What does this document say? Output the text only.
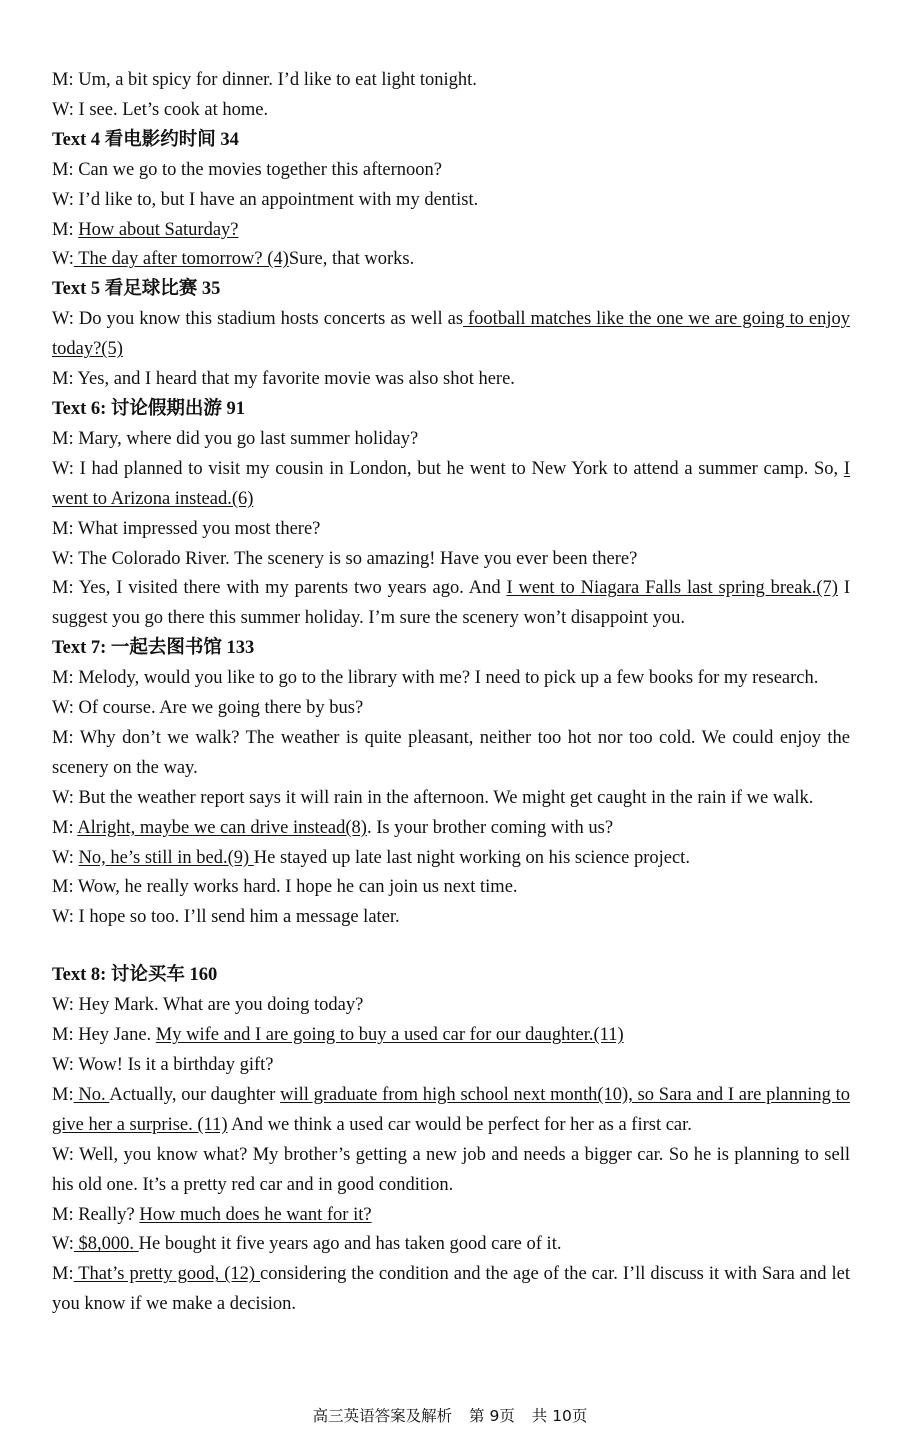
M: Um, a bit spicy for dinner. I’d like to eat light tonight.

W: I see. Let’s cook at home.

Text 4 看电影约时间 34

M: Can we go to the movies together this afternoon?

W: I’d like to, but I have an appointment with my dentist.

M: How about Saturday?

W: The day after tomorrow? (4)Sure, that works.

Text 5 看足球比赛 35

W: Do you know this stadium hosts concerts as well as football matches like the one we are going to enjoy today?(5)

M: Yes, and I heard that my favorite movie was also shot here.

Text 6: 讨论假期出游 91

M: Mary, where did you go last summer holiday?

W: I had planned to visit my cousin in London, but he went to New York to attend a summer camp. So, I went to Arizona instead.(6)

M: What impressed you most there?

W: The Colorado River. The scenery is so amazing! Have you ever been there?

M: Yes, I visited there with my parents two years ago. And I went to Niagara Falls last spring break.(7) I suggest you go there this summer holiday. I’m sure the scenery won’t disappoint you.

Text 7: 一起去图书馆 133

M: Melody, would you like to go to the library with me? I need to pick up a few books for my research.

W: Of course. Are we going there by bus?

M: Why don’t we walk? The weather is quite pleasant, neither too hot nor too cold. We could enjoy the scenery on the way.

W: But the weather report says it will rain in the afternoon. We might get caught in the rain if we walk.

M: Alright, maybe we can drive instead(8). Is your brother coming with us?

W: No, he’s still in bed.(9) He stayed up late last night working on his science project.

M: Wow, he really works hard. I hope he can join us next time.

W: I hope so too. I’ll send him a message later.

Text 8: 讨论买车 160

W: Hey Mark. What are you doing today?

M: Hey Jane. My wife and I are going to buy a used car for our daughter.(11)

W: Wow! Is it a birthday gift?

M: No. Actually, our daughter will graduate from high school next month(10), so Sara and I are planning to give her a surprise. (11) And we think a used car would be perfect for her as a first car.

W: Well, you know what? My brother’s getting a new job and needs a bigger car. So he is planning to sell his old one. It’s a pretty red car and in good condition.

M: Really? How much does he want for it?

W: $8,000. He bought it five years ago and has taken good care of it.

M: That’s pretty good, (12) considering the condition and the age of the car. I’ll discuss it with Sara and let you know if we make a decision.

高三英语答案及解析 第 9页 共 10页
